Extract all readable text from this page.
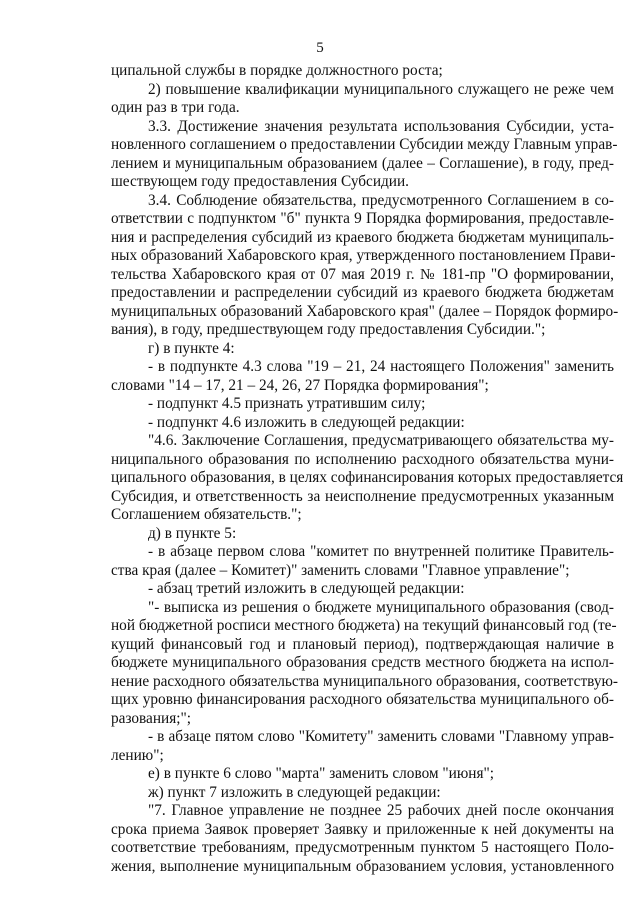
5
ципальной службы в порядке должностного роста;
2) повышение квалификации муниципального служащего не реже чем
один раз в три года.
3.3. Достижение значения результата использования Субсидии, уста-
новленного соглашением о предоставлении Субсидии между Главным управ-
лением и муниципальным образованием (далее – Соглашение), в году, пред-
шествующем году предоставления Субсидии.
3.4. Соблюдение обязательства, предусмотренного Соглашением в со-
ответствии с подпунктом "б" пункта 9 Порядка формирования, предоставле-
ния и распределения субсидий из краевого бюджета бюджетам муниципаль-
ных образований Хабаровского края, утвержденного постановлением Прави-
тельства Хабаровского края от 07 мая 2019 г. № 181-пр "О формировании,
предоставлении и распределении субсидий из краевого бюджета бюджетам
муниципальных образований Хабаровского края" (далее – Порядок формиро-
вания), в году, предшествующем году предоставления Субсидии.";
г) в пункте 4:
- в подпункте 4.3 слова "19 – 21, 24 настоящего Положения" заменить
словами "14 – 17, 21 – 24, 26, 27 Порядка формирования";
- подпункт 4.5 признать утратившим силу;
- подпункт 4.6 изложить в следующей редакции:
"4.6. Заключение Соглашения, предусматривающего обязательства му-
ниципального образования по исполнению расходного обязательства муни-
ципального образования, в целях софинансирования которых предоставляется
Субсидия, и ответственность за неисполнение предусмотренных указанным
Соглашением обязательств.";
д) в пункте 5:
- в абзаце первом слова "комитет по внутренней политике Правитель-
ства края (далее – Комитет)" заменить словами "Главное управление";
- абзац третий изложить в следующей редакции:
"- выписка из решения о бюджете муниципального образования (свод-
ной бюджетной росписи местного бюджета) на текущий финансовый год (те-
кущий финансовый год и плановый период), подтверждающая наличие в
бюджете муниципального образования средств местного бюджета на испол-
нение расходного обязательства муниципального образования, соответствую-
щих уровню финансирования расходного обязательства муниципального об-
разования;";
- в абзаце пятом слово "Комитету" заменить словами "Главному управ-
лению";
е) в пункте 6 слово "марта" заменить словом "июня";
ж) пункт 7 изложить в следующей редакции:
"7. Главное управление не позднее 25 рабочих дней после окончания
срока приема Заявок проверяет Заявку и приложенные к ней документы на
соответствие требованиям, предусмотренным пунктом 5 настоящего Поло-
жения, выполнение муниципальным образованием условия, установленного
